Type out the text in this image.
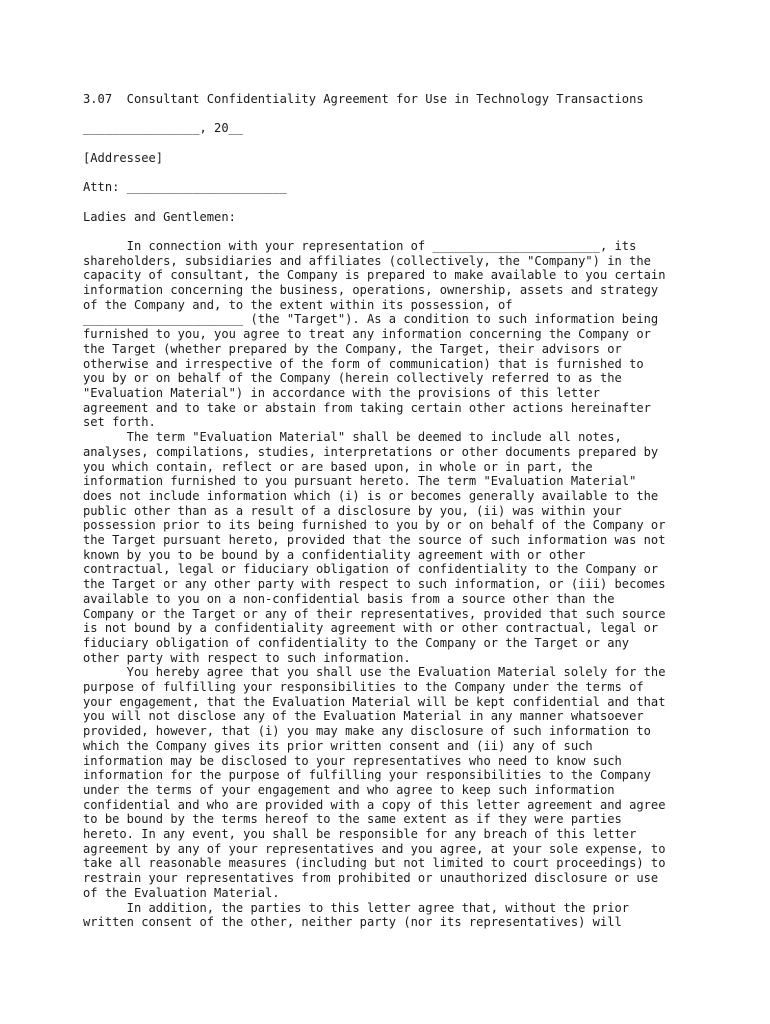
3.07  Consultant Confidentiality Agreement for Use in Technology Transactions
________________, 20__
[Addressee]
Attn: ______________________
Ladies and Gentlemen:
In connection with your representation of _______________________, its
shareholders, subsidiaries and affiliates (collectively, the "Company") in the
capacity of consultant, the Company is prepared to make available to you certain
information concerning the business, operations, ownership, assets and strategy
of the Company and, to the extent within its possession, of
______________________ (the "Target"). As a condition to such information being
furnished to you, you agree to treat any information concerning the Company or
the Target (whether prepared by the Company, the Target, their advisors or
otherwise and irrespective of the form of communication) that is furnished to
you by or on behalf of the Company (herein collectively referred to as the
"Evaluation Material") in accordance with the provisions of this letter
agreement and to take or abstain from taking certain other actions hereinafter
set forth.
The term "Evaluation Material" shall be deemed to include all notes,
analyses, compilations, studies, interpretations or other documents prepared by
you which contain, reflect or are based upon, in whole or in part, the
information furnished to you pursuant hereto. The term "Evaluation Material"
does not include information which (i) is or becomes generally available to the
public other than as a result of a disclosure by you, (ii) was within your
possession prior to its being furnished to you by or on behalf of the Company or
the Target pursuant hereto, provided that the source of such information was not
known by you to be bound by a confidentiality agreement with or other
contractual, legal or fiduciary obligation of confidentiality to the Company or
the Target or any other party with respect to such information, or (iii) becomes
available to you on a non-confidential basis from a source other than the
Company or the Target or any of their representatives, provided that such source
is not bound by a confidentiality agreement with or other contractual, legal or
fiduciary obligation of confidentiality to the Company or the Target or any
other party with respect to such information.
You hereby agree that you shall use the Evaluation Material solely for the
purpose of fulfilling your responsibilities to the Company under the terms of
your engagement, that the Evaluation Material will be kept confidential and that
you will not disclose any of the Evaluation Material in any manner whatsoever
provided, however, that (i) you may make any disclosure of such information to
which the Company gives its prior written consent and (ii) any of such
information may be disclosed to your representatives who need to know such
information for the purpose of fulfilling your responsibilities to the Company
under the terms of your engagement and who agree to keep such information
confidential and who are provided with a copy of this letter agreement and agree
to be bound by the terms hereof to the same extent as if they were parties
hereto. In any event, you shall be responsible for any breach of this letter
agreement by any of your representatives and you agree, at your sole expense, to
take all reasonable measures (including but not limited to court proceedings) to
restrain your representatives from prohibited or unauthorized disclosure or use
of the Evaluation Material.
In addition, the parties to this letter agree that, without the prior
written consent of the other, neither party (nor its representatives) will
